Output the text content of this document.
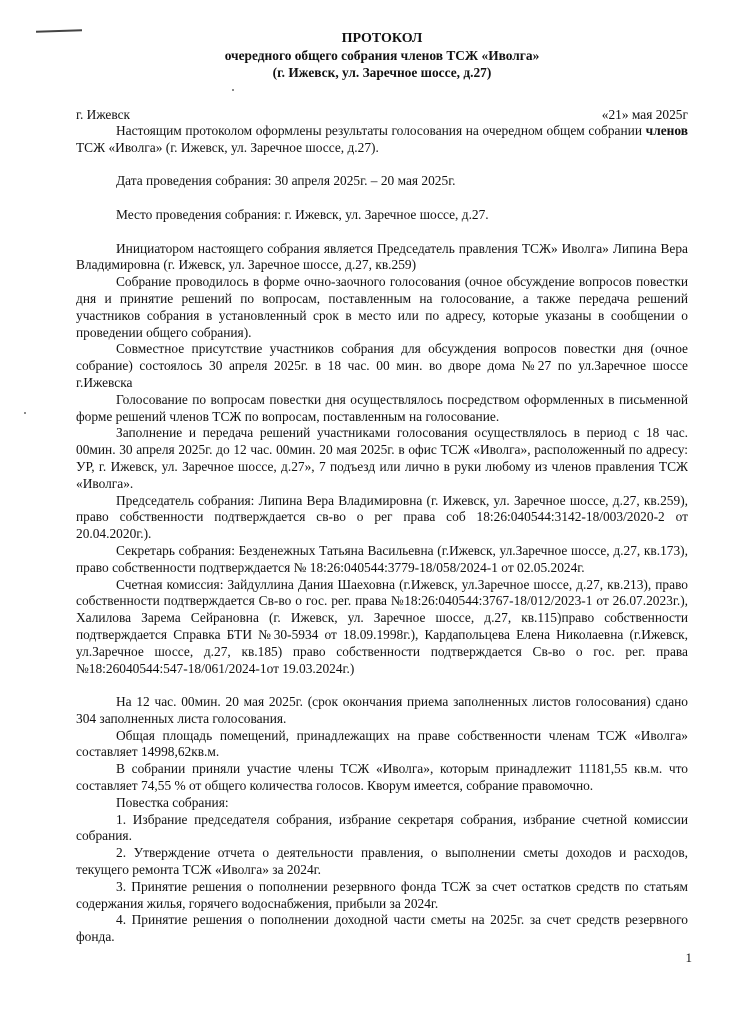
ПРОТОКОЛ
очередного общего собрания членов ТСЖ «Иволга»
(г. Ижевск, ул. Заречное шоссе, д.27)
г. Ижевск	«21» мая 2025г

Настоящим протоколом оформлены результаты голосования на очередном общем собрании членов ТСЖ «Иволга» (г. Ижевск, ул. Заречное шоссе, д.27).

Дата проведения собрания: 30 апреля 2025г. – 20 мая 2025г.

Место проведения собрания: г. Ижевск, ул. Заречное шоссе, д.27.

Инициатором настоящего собрания является Председатель правления ТСЖ» Иволга» Липина Вера Владимировна (г. Ижевск, ул. Заречное шоссе, д.27, кв.259)

Собрание проводилось в форме очно-заочного голосования (очное обсуждение вопросов повестки дня и принятие решений по вопросам, поставленным на голосование, а также передача решений участников собрания в установленный срок в место или по адресу, которые указаны в сообщении о проведении общего собрания).

Совместное присутствие участников собрания для обсуждения вопросов повестки дня (очное собрание) состоялось 30 апреля 2025г. в 18 час. 00 мин. во дворе дома №27 по ул.Заречное шоссе г.Ижевска

Голосование по вопросам повестки дня осуществлялось посредством оформленных в письменной форме решений членов ТСЖ по вопросам, поставленным на голосование.

Заполнение и передача решений участниками голосования осуществлялось в период с 18 час. 00мин. 30 апреля 2025г. до 12 час. 00мин. 20 мая 2025г. в офис ТСЖ «Иволга», расположенный по адресу: УР, г. Ижевск, ул. Заречное шоссе, д.27», 7 подъезд или лично в руки любому из членов правления ТСЖ «Иволга».

Председатель собрания: Липина Вера Владимировна (г. Ижевск, ул. Заречное шоссе, д.27, кв.259), право собственности подтверждается св-во о рег права соб 18:26:040544:3142-18/003/2020-2 от 20.04.2020г.).

Секретарь собрания: Безденежных Татьяна Васильевна (г.Ижевск, ул.Заречное шоссе, д.27, кв.173), право собственности подтверждается № 18:26:040544:3779-18/058/2024-1 от 02.05.2024г.

Счетная комиссия: Зайдуллина Дания Шаеховна (г.Ижевск, ул.Заречное шоссе, д.27, кв.213), право собственности подтверждается Св-во о гос. рег. права №18:26:040544:3767-18/012/2023-1 от 26.07.2023г.), Халилова Зарема Сейрановна (г. Ижевск, ул. Заречное шоссе, д.27, кв.115)право собственности подтверждается Справка БТИ №30-5934 от 18.09.1998г.), Кардапольцева Елена Николаевна (г.Ижевск, ул.Заречное шоссе, д.27, кв.185) право собственности подтверждается Св-во о гос. рег. права №18:26040544:547-18/061/2024-1от 19.03.2024г.)

На 12 час. 00мин. 20 мая 2025г. (срок окончания приема заполненных листов голосования) сдано 304 заполненных листа голосования.

Общая площадь помещений, принадлежащих на праве собственности членам ТСЖ «Иволга» составляет 14998,62кв.м.

В собрании приняли участие члены ТСЖ «Иволга», которым принадлежит 11181,55 кв.м. что составляет 74,55 % от общего количества голосов. Кворум имеется, собрание правомочно.

Повестка собрания:

1. Избрание председателя собрания, избрание секретаря собрания, избрание счетной комиссии собрания.

2. Утверждение отчета о деятельности правления, о выполнении сметы доходов и расходов, текущего ремонта ТСЖ «Иволга» за 2024г.

3. Принятие решения о пополнении резервного фонда ТСЖ за счет остатков средств по статьям содержания жилья, горячего водоснабжения, прибыли за 2024г.

4. Принятие решения о пополнении доходной части сметы на 2025г. за счет средств резервного фонда.

1
